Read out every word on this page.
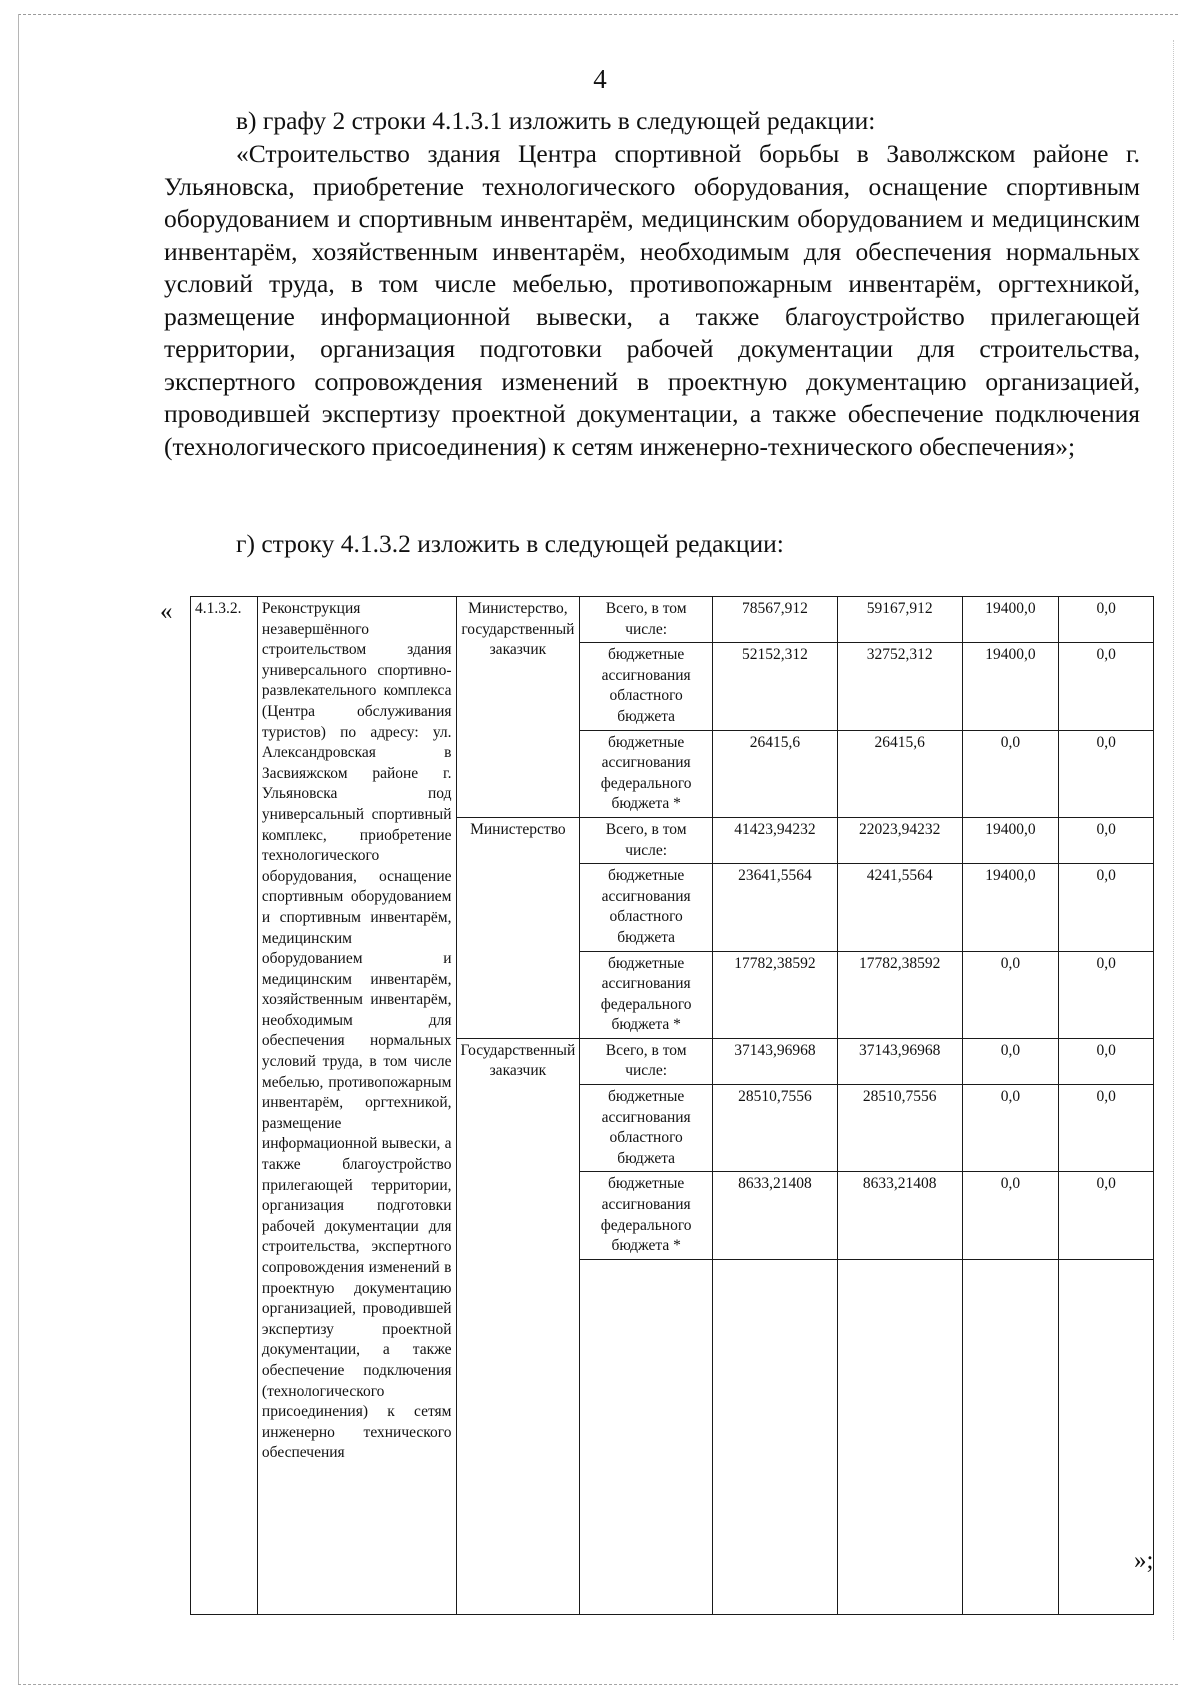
4
в) графу 2 строки 4.1.3.1 изложить в следующей редакции:
«Строительство здания Центра спортивной борьбы в Заволжском районе г. Ульяновска, приобретение технологического оборудования, оснащение спортивным оборудованием и спортивным инвентарём, медицинским оборудованием и медицинским инвентарём, хозяйственным инвентарём, необходимым для обеспечения нормальных условий труда, в том числе мебелью, противопожарным инвентарём, оргтехникой, размещение информационной вывески, а также благоустройство прилегающей территории, организация подготовки рабочей документации для строительства, экспертного сопровождения изменений в проектную документацию организацией, проводившей экспертизу проектной документации, а также обеспечение подключения (технологического присоединения) к сетям инженерно-технического обеспечения»;
г) строку 4.1.3.2 изложить в следующей редакции:
« 4.1.3.2.	Реконструкция незавершённого строительством здания универсального спортивно-развлекательного комплекса (Центра обслуживания туристов) по адресу: ул. Александровская в Засвияжском районе г. Ульяновска под универсальный спортивный комплекс, приобретение технологического оборудования, оснащение спортивным оборудованием и спортивным инвентарём, медицинским оборудованием и медицинским инвентарём, хозяйственным инвентарём, необходимым для обеспечения нормальных условий труда, в том числе мебелью, противопожарным инвентарём, оргтехникой, размещение информационной вывески, а также благоустройство прилегающей территории, организация подготовки рабочей документации для строительства, экспертного сопровождения изменений в проектную документацию организацией, проводившей экспертизу проектной документации, а также обеспечение подключения (технологического присоединения) к сетям инженерно технического обеспечения	Министерство, государственный заказчик	Всего, в том числе:	78567,912	59167,912	19400,0	0,0
			бюджетные ассигнования областного бюджета	52152,312	32752,312	19400,0	0,0
			бюджетные ассигнования федерального бюджета *	26415,6	26415,6	0,0	0,0
		Министерство	Всего, в том числе:	41423,94232	22023,94232	19400,0	0,0
			бюджетные ассигнования областного бюджета	23641,5564	4241,5564	19400,0	0,0
			бюджетные ассигнования федерального бюджета *	17782,38592	17782,38592	0,0	0,0
		Государственный заказчик	Всего, в том числе:	37143,96968	37143,96968	0,0	0,0
			бюджетные ассигнования областного бюджета	28510,7556	28510,7556	0,0	0,0
			бюджетные ассигнования федерального бюджета *	8633,21408	8633,21408	0,0	0,0

»;
